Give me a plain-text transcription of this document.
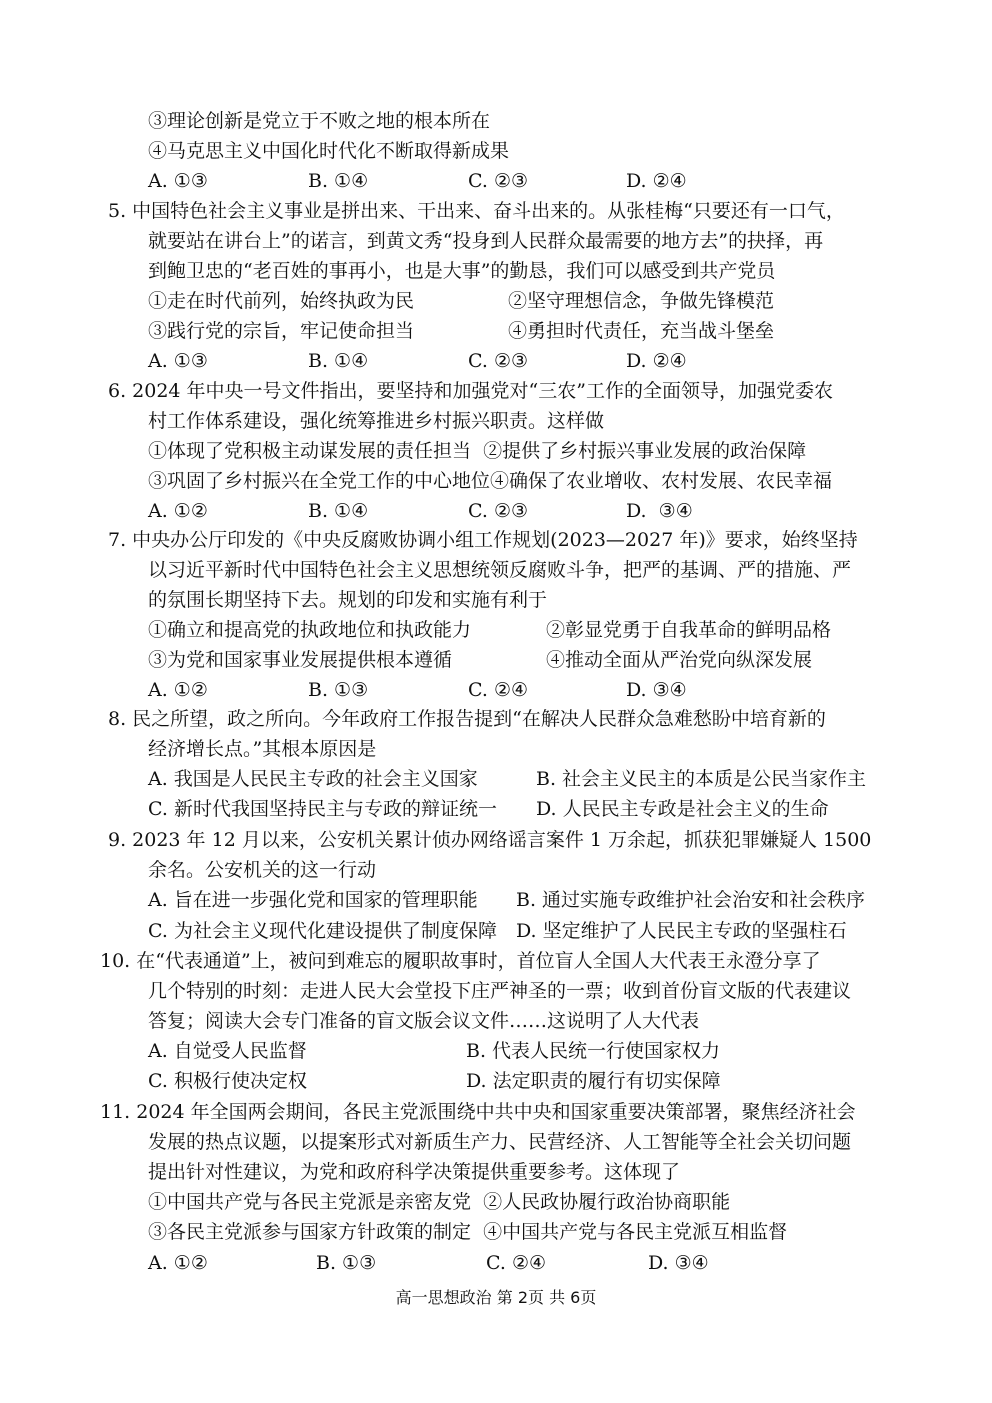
③理论创新是党立于不败之地的根本所在
④马克思主义中国化时代化不断取得新成果
A. ①③	B. ①④	C. ②③	D. ②④
5. 中国特色社会主义事业是拼出来、干出来、奋斗出来的。从张桂梅“只要还有一口气，
就要站在讲台上”的诺言，到黄文秀“投身到人民群众最需要的地方去”的抉择，再
到鲍卫忠的“老百姓的事再小，也是大事”的勤恳，我们可以感受到共产党员
①走在时代前列，始终执政为民	②坚守理想信念，争做先锋模范
③践行党的宗旨，牢记使命担当	④勇担时代责任，充当战斗堡垒
A. ①③	B. ①④	C. ②③	D. ②④
6. 2024 年中央一号文件指出，要坚持和加强党对“三农”工作的全面领导，加强党委农
村工作体系建设，强化统筹推进乡村振兴职责。这样做
①体现了党积极主动谋发展的责任担当  ②提供了乡村振兴事业发展的政治保障
③巩固了乡村振兴在全党工作的中心地位④确保了农业增收、农村发展、农民幸福
A. ①②	B. ①④	C. ②③	D.  ③④
7. 中央办公厅印发的《中央反腐败协调小组工作规划(2023—2027 年)》要求，始终坚持
以习近平新时代中国特色社会主义思想统领反腐败斗争，把严的基调、严的措施、严
的氛围长期坚持下去。规划的印发和实施有利于
①确立和提高党的执政地位和执政能力	②彰显党勇于自我革命的鲜明品格
③为党和国家事业发展提供根本遵循	④推动全面从严治党向纵深发展
A. ①②	B. ①③	C. ②④	D. ③④
8. 民之所望，政之所向。今年政府工作报告提到“在解决人民群众急难愁盼中培育新的
经济增长点。”其根本原因是
A. 我国是人民民主专政的社会主义国家	B. 社会主义民主的本质是公民当家作主
C. 新时代我国坚持民主与专政的辩证统一 D. 人民民主专政是社会主义的生命
9. 2023 年 12 月以来，公安机关累计侦办网络谣言案件 1 万余起，抓获犯罪嫌疑人 1500
余名。公安机关的这一行动
A. 旨在进一步强化党和国家的管理职能 B. 通过实施专政维护社会治安和社会秩序
C. 为社会主义现代化建设提供了制度保障 D. 坚定维护了人民民主专政的坚强柱石
10. 在“代表通道”上，被问到难忘的履职故事时，首位盲人全国人大代表王永澄分享了
几个特别的时刻：走进人民大会堂投下庄严神圣的一票；收到首份盲文版的代表建议
答复；阅读大会专门准备的盲文版会议文件……这说明了人大代表
A. 自觉受人民监督	B. 代表人民统一行使国家权力
C. 积极行使决定权	D. 法定职责的履行有切实保障
11. 2024 年全国两会期间，各民主党派围绕中共中央和国家重要决策部署，聚焦经济社会
发展的热点议题，以提案形式对新质生产力、民营经济、人工智能等全社会关切问题
提出针对性建议，为党和政府科学决策提供重要参考。这体现了
①中国共产党与各民主党派是亲密友党  ②人民政协履行政治协商职能
③各民主党派参与国家方针政策的制定  ④中国共产党与各民主党派互相监督
A. ①②	B. ①③	C. ②④	D. ③④
高一思想政治 第 2页 共 6页
